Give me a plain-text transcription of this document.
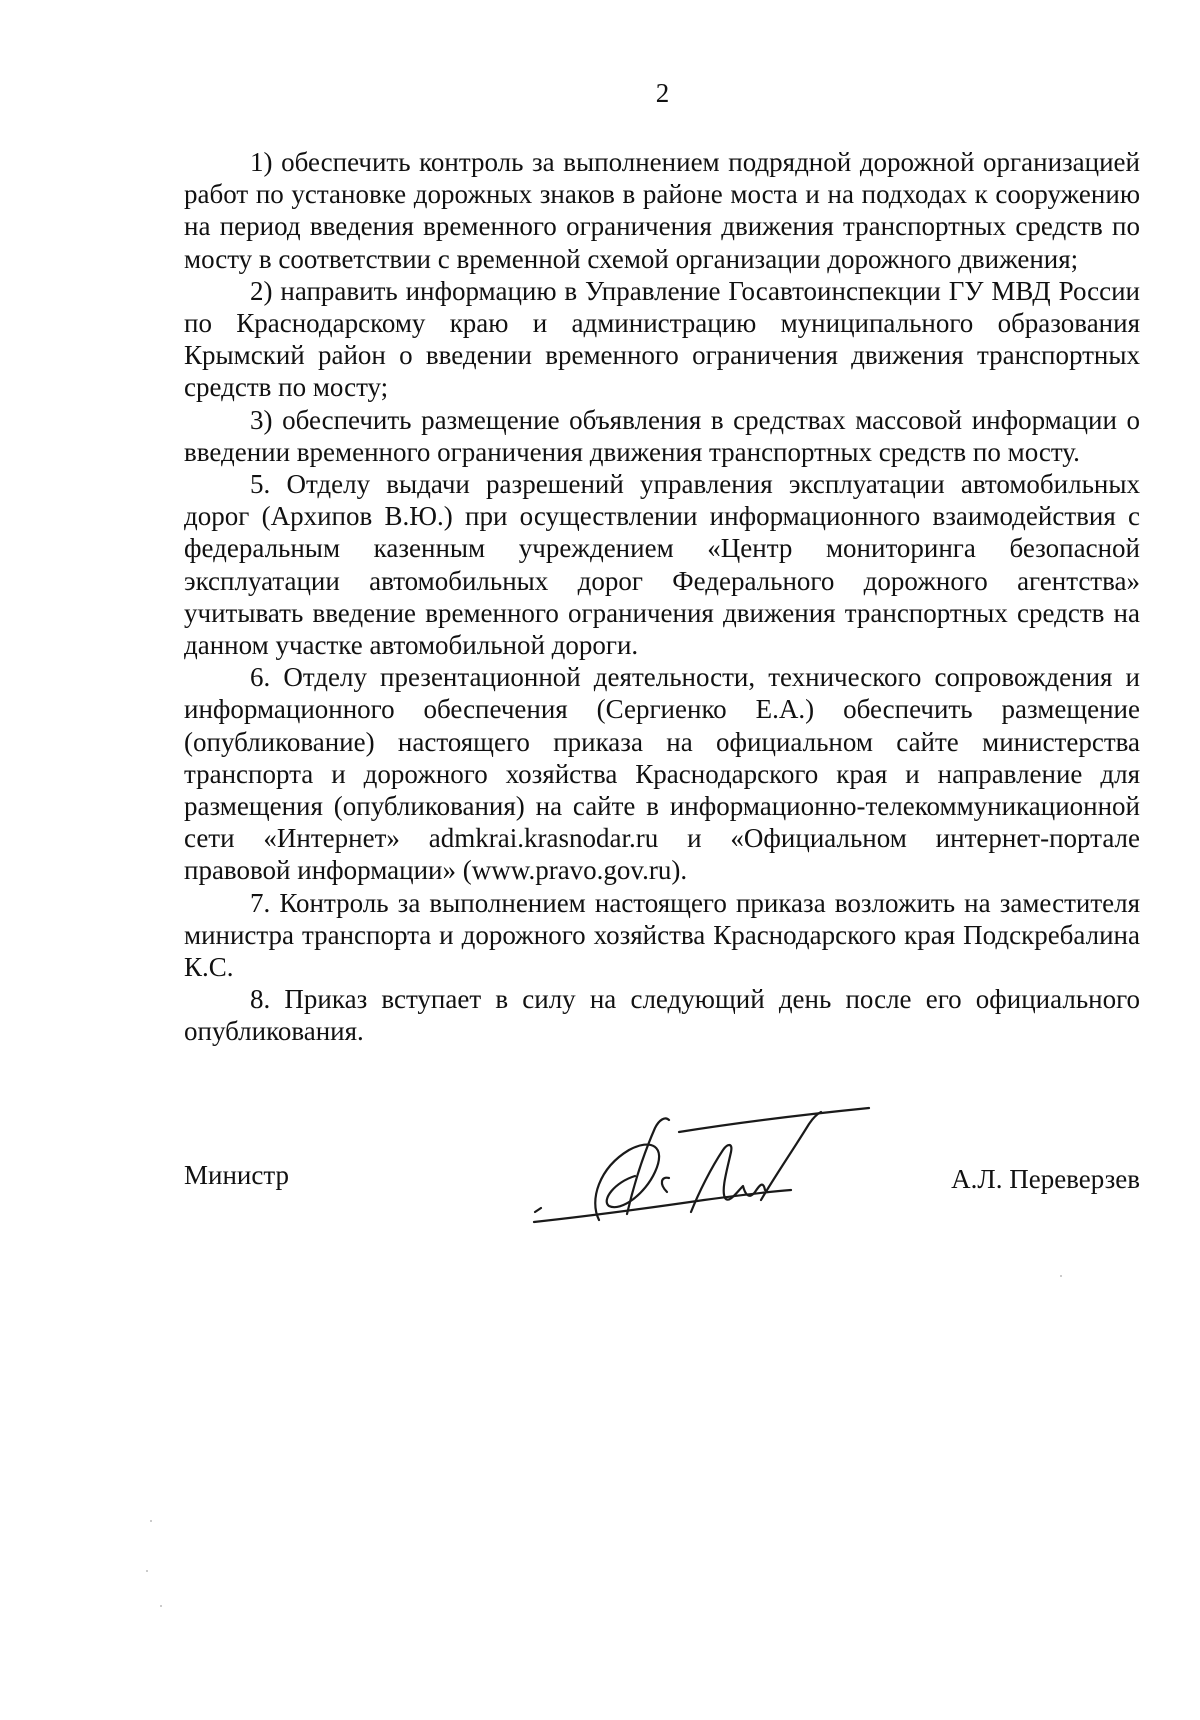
2

1) обеспечить контроль за выполнением подрядной дорожной организацией работ по установке дорожных знаков в районе моста и на подходах к сооружению на период введения временного ограничения движения транспортных средств по мосту в соответствии с временной схемой организации дорожного движения;

2) направить информацию в Управление Госавтоинспекции ГУ МВД России по Краснодарскому краю и администрацию муниципального образования Крымский район о введении временного ограничения движения транспортных средств по мосту;

3) обеспечить размещение объявления в средствах массовой информации о введении временного ограничения движения транспортных средств по мосту.

5. Отделу выдачи разрешений управления эксплуатации автомобильных дорог (Архипов В.Ю.) при осуществлении информационного взаимодействия с федеральным казенным учреждением «Центр мониторинга безопасной эксплуатации автомобильных дорог Федерального дорожного агентства» учитывать введение временного ограничения движения транспортных средств на данном участке автомобильной дороги.

6. Отделу презентационной деятельности, технического сопровождения и информационного обеспечения (Сергиенко Е.А.) обеспечить размещение (опубликование) настоящего приказа на официальном сайте министерства транспорта и дорожного хозяйства Краснодарского края и направление для размещения (опубликования) на сайте в информационно-телекоммуникационной сети «Интернет» admkrai.krasnodar.ru и «Официальном интернет-портале правовой информации» (www.pravo.gov.ru).

7. Контроль за выполнением настоящего приказа возложить на заместителя министра транспорта и дорожного хозяйства Краснодарского края Подскребалина К.С.

8. Приказ вступает в силу на следующий день после его официального опубликования.

Министр	А.Л. Переверзев
